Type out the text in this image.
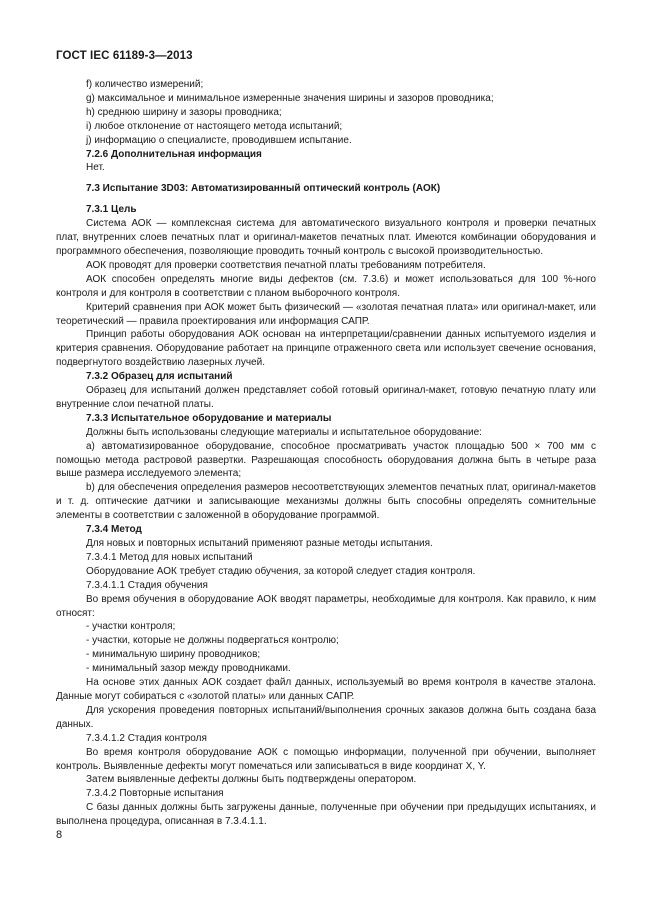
ГОСТ IEC 61189-3—2013

f) количество измерений;

g) максимальное и минимальное измеренные значения ширины и зазоров проводника;

h) среднюю ширину и зазоры проводника;

i) любое отклонение от настоящего метода испытаний;

j) информацию о специалисте, проводившем испытание.

7.2.6 Дополнительная информация

Нет.

7.3 Испытание 3D03: Автоматизированный оптический контроль (АОК)

7.3.1 Цель

Система АОК — комплексная система для автоматического визуального контроля и проверки печатных плат, внутренних слоев печатных плат и оригинал-макетов печатных плат. Имеются комбинации оборудования и программного обеспечения, позволяющие проводить точный контроль с высокой производительностью.

АОК проводят для проверки соответствия печатной платы требованиям потребителя.

АОК способен определять многие виды дефектов (см. 7.3.6) и может использоваться для 100 %-ного контроля и для контроля в соответствии с планом выборочного контроля.

Критерий сравнения при АОК может быть физический — «золотая печатная плата» или оригинал-макет, или теоретический — правила проектирования или информация САПР.

Принцип работы оборудования АОК основан на интерпретации/сравнении данных испытуемого изделия и критерия сравнения. Оборудование работает на принципе отраженного света или использует свечение основания, подвергнутого воздействию лазерных лучей.

7.3.2 Образец для испытаний

Образец для испытаний должен представляет собой готовый оригинал-макет, готовую печатную плату или внутренние слои печатной платы.

7.3.3 Испытательное оборудование и материалы

Должны быть использованы следующие материалы и испытательное оборудование:

a) автоматизированное оборудование, способное просматривать участок площадью 500 × 700 мм с помощью метода растровой развертки. Разрешающая способность оборудования должна быть в четыре раза выше размера исследуемого элемента;

b) для обеспечения определения размеров несоответствующих элементов печатных плат, оригинал-макетов и т. д. оптические датчики и записывающие механизмы должны быть способны определять сомнительные элементы в соответствии с заложенной в оборудование программой.

7.3.4 Метод

Для новых и повторных испытаний применяют разные методы испытания.

7.3.4.1 Метод для новых испытаний

Оборудование АОК требует стадию обучения, за которой следует стадия контроля.

7.3.4.1.1 Стадия обучения

Во время обучения в оборудование АОК вводят параметры, необходимые для контроля. Как правило, к ним относят:

- участки контроля;

- участки, которые не должны подвергаться контролю;

- минимальную ширину проводников;

- минимальный зазор между проводниками.

На основе этих данных АОК создает файл данных, используемый во время контроля в качестве эталона. Данные могут собираться с «золотой платы» или данных САПР.

Для ускорения проведения повторных испытаний/выполнения срочных заказов должна быть создана база данных.

7.3.4.1.2 Стадия контроля

Во время контроля оборудование АОК с помощью информации, полученной при обучении, выполняет контроль. Выявленные дефекты могут помечаться или записываться в виде координат X, Y.

Затем выявленные дефекты должны быть подтверждены оператором.

7.3.4.2 Повторные испытания

С базы данных должны быть загружены данные, полученные при обучении при предыдущих испытаниях, и выполнена процедура, описанная в 7.3.4.1.1.

8
